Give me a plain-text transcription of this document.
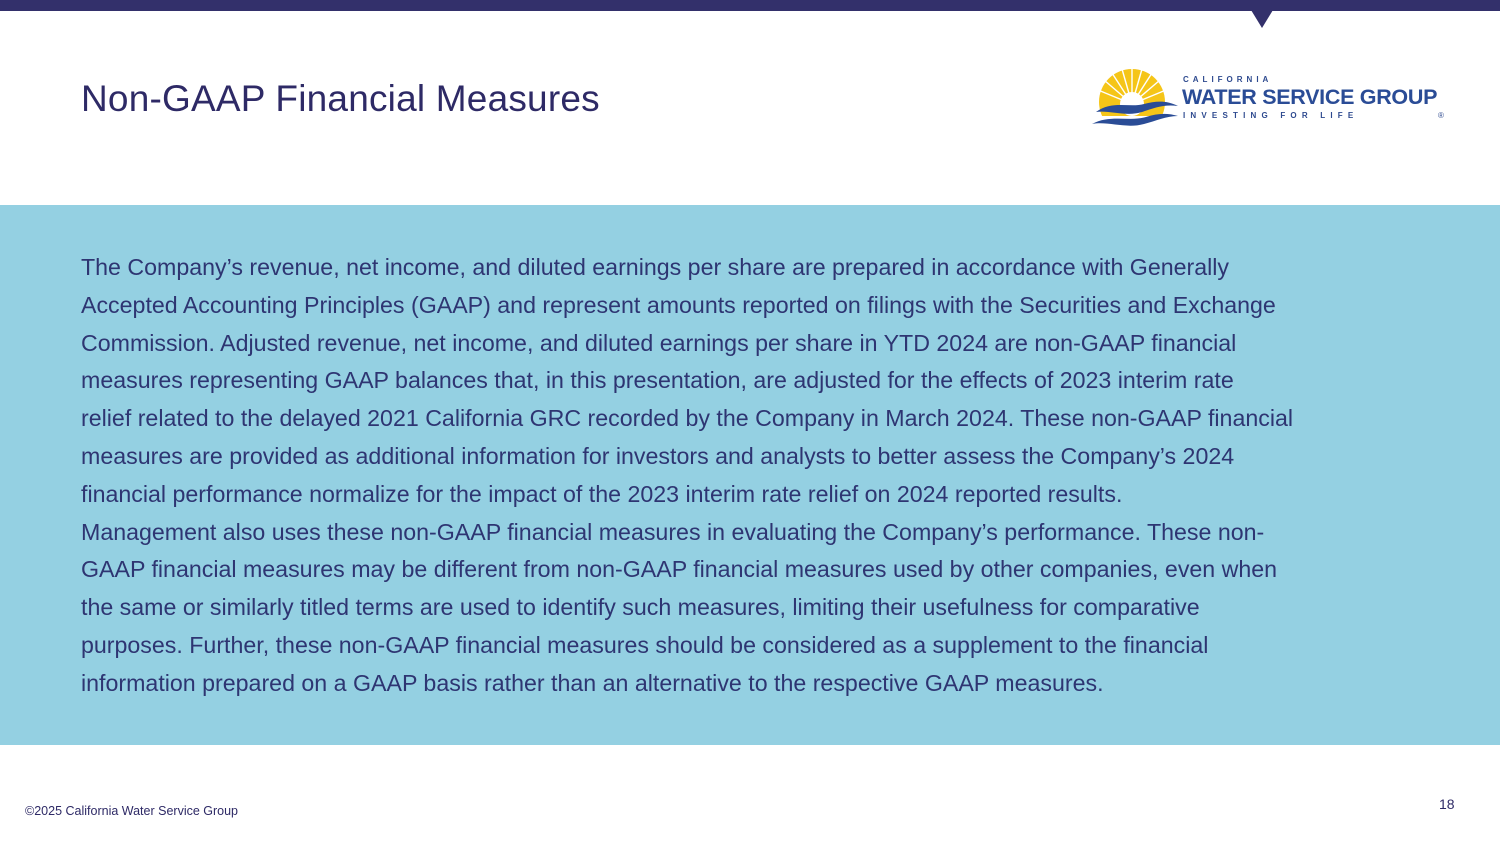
Non-GAAP Financial Measures	CALIFORNIA
WATER SERVICE GROUP
INVESTING FOR LIFE	®
The Company’s revenue, net income, and diluted earnings per share are prepared in accordance with Generally
Accepted Accounting Principles (GAAP) and represent amounts reported on filings with the Securities and Exchange
Commission. Adjusted revenue, net income, and diluted earnings per share in YTD 2024 are non-GAAP financial
measures representing GAAP balances that, in this presentation, are adjusted for the effects of 2023 interim rate
relief related to the delayed 2021 California GRC recorded by the Company in March 2024. These non-GAAP financial
measures are provided as additional information for investors and analysts to better assess the Company’s 2024
financial performance normalize for the impact of the 2023 interim rate relief on 2024 reported results.
Management also uses these non-GAAP financial measures in evaluating the Company’s performance. These non-
GAAP financial measures may be different from non-GAAP financial measures used by other companies, even when
the same or similarly titled terms are used to identify such measures, limiting their usefulness for comparative
purposes. Further, these non-GAAP financial measures should be considered as a supplement to the financial
information prepared on a GAAP basis rather than an alternative to the respective GAAP measures.
©2025 California Water Service Group	18
